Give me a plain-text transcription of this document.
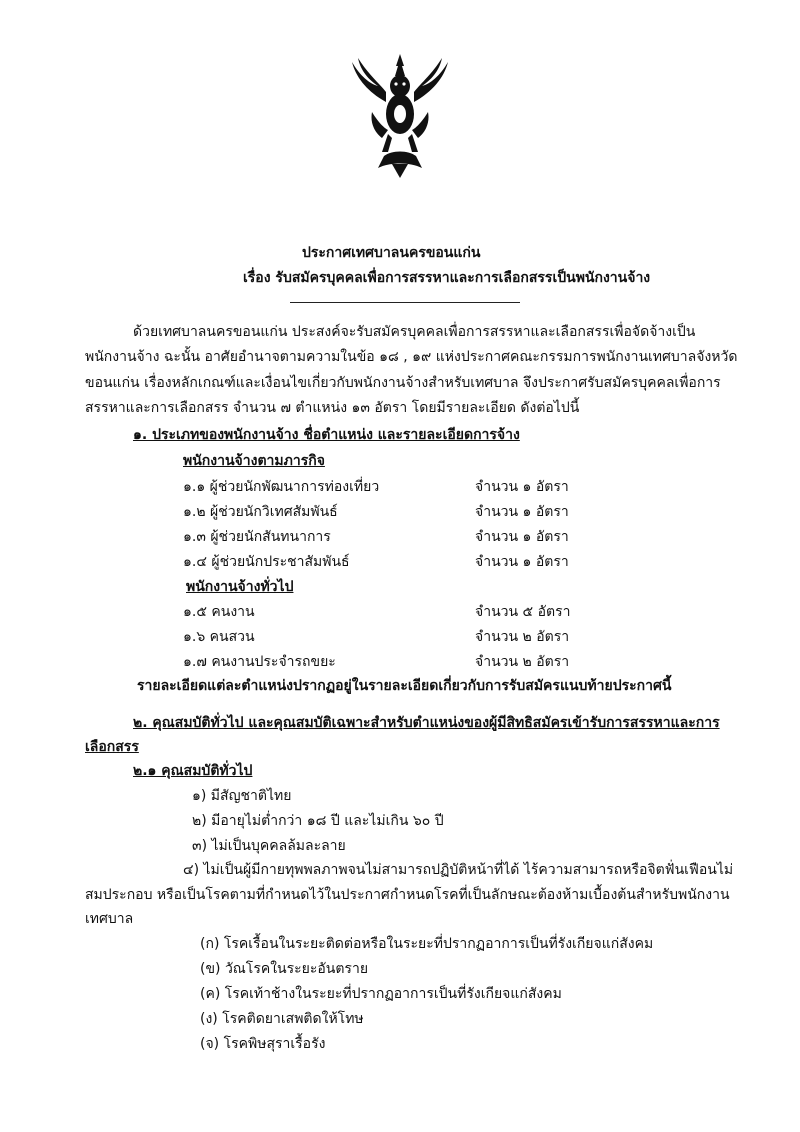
ประกาศเทศบาลนครขอนแก่น
เรื่อง รับสมัครบุคคลเพื่อการสรรหาและการเลือกสรรเป็นพนักงานจ้าง
ด้วยเทศบาลนครขอนแก่น ประสงค์จะรับสมัครบุคคลเพื่อการสรรหาและเลือกสรรเพื่อจัดจ้างเป็น
พนักงานจ้าง ฉะนั้น อาศัยอำนาจตามความในข้อ ๑๘ , ๑๙ แห่งประกาศคณะกรรมการพนักงานเทศบาลจังหวัด
ขอนแก่น เรื่องหลักเกณฑ์และเงื่อนไขเกี่ยวกับพนักงานจ้างสำหรับเทศบาล จึงประกาศรับสมัครบุคคลเพื่อการ
สรรหาและการเลือกสรร จำนวน ๗ ตำแหน่ง ๑๓ อัตรา โดยมีรายละเอียด ดังต่อไปนี้
๑. ประเภทของพนักงานจ้าง ชื่อตำแหน่ง และรายละเอียดการจ้าง
พนักงานจ้างตามภารกิจ
๑.๑ ผู้ช่วยนักพัฒนาการท่องเที่ยว	จำนวน ๑ อัตรา
๑.๒ ผู้ช่วยนักวิเทศสัมพันธ์	จำนวน ๑ อัตรา
๑.๓ ผู้ช่วยนักสันทนาการ	จำนวน ๑ อัตรา
๑.๔ ผู้ช่วยนักประชาสัมพันธ์	จำนวน ๑ อัตรา
พนักงานจ้างทั่วไป
๑.๕ คนงาน	จำนวน ๕ อัตรา
๑.๖ คนสวน	จำนวน ๒ อัตรา
๑.๗ คนงานประจำรถขยะ	จำนวน ๒ อัตรา
รายละเอียดแต่ละตำแหน่งปรากฏอยู่ในรายละเอียดเกี่ยวกับการรับสมัครแนบท้ายประกาศนี้
๒. คุณสมบัติทั่วไป และคุณสมบัติเฉพาะสำหรับตำแหน่งของผู้มีสิทธิสมัครเข้ารับการสรรหาและการ
เลือกสรร
๒.๑ คุณสมบัติทั่วไป
๑) มีสัญชาติไทย
๒) มีอายุไม่ต่ำกว่า ๑๘ ปี และไม่เกิน ๖๐ ปี
๓) ไม่เป็นบุคคลล้มละลาย
๔) ไม่เป็นผู้มีกายทุพพลภาพจนไม่สามารถปฏิบัติหน้าที่ได้ ไร้ความสามารถหรือจิตฟั่นเฟือนไม่
สมประกอบ หรือเป็นโรคตามที่กำหนดไว้ในประกาศกำหนดโรคที่เป็นลักษณะต้องห้ามเบื้องต้นสำหรับพนักงาน
เทศบาล
(ก) โรคเรื้อนในระยะติดต่อหรือในระยะที่ปรากฏอาการเป็นที่รังเกียจแก่สังคม
(ข) วัณโรคในระยะอันตราย
(ค) โรคเท้าช้างในระยะที่ปรากฏอาการเป็นที่รังเกียจแก่สังคม
(ง) โรคติดยาเสพติดให้โทษ
(จ) โรคพิษสุราเรื้อรัง
